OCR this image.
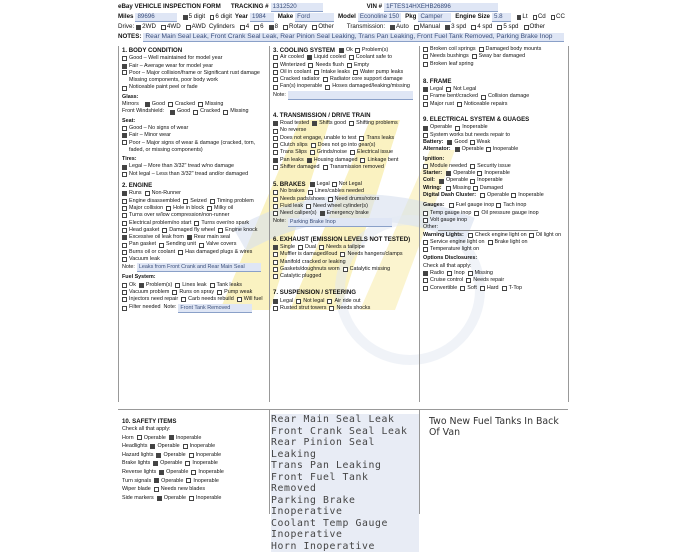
eBay VEHICLE INSPECTION FORM TRACKING # 1312520	VIN # 1FTES14HXEHB26896
Miles 89696	5 digit 6 digit Year 1984	Make Ford	Model Econoline 150 Pkg Camper	Engine Size 5.8	Lt Cd CC
Drive: 2WD 4WD AWD Cylinders 4 6 8 Rotary Other Transmission: Auto Manual 3 spd 4 spd 5 spd Other
NOTES: Rear Main Seal Leak, Front Crank Seal Leak, Rear Pinion Seal Leaking, Trans Pan Leaking, Front Fuel Tank Removed, Parking Brake Inop
1. BODY CONDITION
Good – Well maintained for model year
Fair – Average wear for model year
Poor – Major collision/frame or Significant rust damage Missing components, poor body work
Noticeable paint peel or fade
Glass:
Mirrors Good Cracked Missing
Front Windshield: Good Cracked Missing
Seat:
Good – No signs of wear
Fair – Minor wear
Poor – Major signs of wear & damage (cracked, torn, faded, or missing components)
Tires:
Legal – More than 3/32" tread w/no damage
Not legal – Less than 3/32" tread and/or damaged
2. ENGINE
Runs Non-Runner
Engine disassembled Seized Timing problem
Major collision Hole in block Milky oil
Turns over w/low compression/non-runner
Electrical problem/no start Turns over/no spark
Head gasket Damaged fly wheel Engine knock
Excessive oil leak from Rear main seal
Pan gasket Sending unit Valve covers
Burns oil or coolant Has damaged plugs & wires
Vacuum leak
Note: Leaks from Front Crank and Rear Main Seal
Fuel System:
Ok Problem(s) Lines leak Tank leaks
Vacuum problem Runs on spray Pump weak
Injectors need repair Carb needs rebuild Will fuel
Filter needed Note: Front Tank Removed
3. COOLING SYSTEM Ok Problem(s)
Air cooled Liquid cooled Coolant safe to
Winterized Needs flush Empty
Oil in coolant Intake leaks Water pump leaks
Cracked radiator Radiator core support damage
Fan(s) inoperable Hoses damaged/leaking/missing
Note:
4. TRANSMISSION / DRIVE TRAIN
Road tested Shifts good Shifting problems
No reverse
Does not engage, unable to test Trans leaks
Clutch slips Does not go into gear(s)
Trans Slips Grinds/noise Electrical issue
Pan leaks Housing damaged Linkage bent
Shifter damaged Transmission removed
5. BRAKES Legal Not Legal
No brakes Lines/cables needed
Needs pads/shoes Need drums/rotors
Fluid leak Need wheel cylinder(s)
Need caliper(s) Emergency brake
Note: Parking Brake Inop
6. EXHAUST (EMISSION LEVELS NOT TESTED)
Single Dual Needs a tailpipe
Muffler is damaged/loud Needs hangers/clamps
Manifold cracked or leaking
Gaskets/doughnuts worn Catalytic missing
Catalytic plugged
7. SUSPENSION / STEERING
Legal Not legal Air ride out
Rusted strut towers Needs shocks
Broken coil springs Damaged body mounts
Needs bushings Sway bar damaged
Broken leaf spring
8. FRAME
Legal Not Legal
Frame bent/cracked Collision damage
Major rust Noticeable repairs
9. ELECTRICAL SYSTEM & GUAGES
Operable Inoperable
System works but needs repair to
Battery: Good Weak
Alternator: Operable Inoperable
Ignition:
Module needed Security issue
Starter: Operable Inoperable
Coil: Operable Inoperable
Wiring: Missing Damaged
Digital Dash Cluster: Operable Inoperable
Gauges: Fuel gauge inop Tach inop
Temp gauge inop Oil pressure gauge inop
Volt gauge inop
Other:
Warning Lights: Check engine light on Oil light on
Service engine light on Brake light on
Temperature light on
Options Disclosures:
Check all that apply:
Radio Inop Missing
Cruise control Needs repair
Convertible Soft Hard T-Top
10. SAFETY ITEMS
Check all that apply:
Horn Operable Inoperable
Headlights Operable Inoperable
Hazard lights Operable Inoperable
Brake lights Operable Inoperable
Reverse lights Operable Inoperable
Turn signals Operable Inoperable
Wiper blade Needs new blades
Side markers Operable Inoperable
Rear Main Seal Leak
Front Crank Seal Leak
Rear Pinion Seal Leaking
Trans Pan Leaking
Front Fuel Tank Removed
Parking Brake Inoperative
Coolant Temp Gauge
Inoperative
Horn Inoperative
Two New Fuel Tanks In Back Of Van
